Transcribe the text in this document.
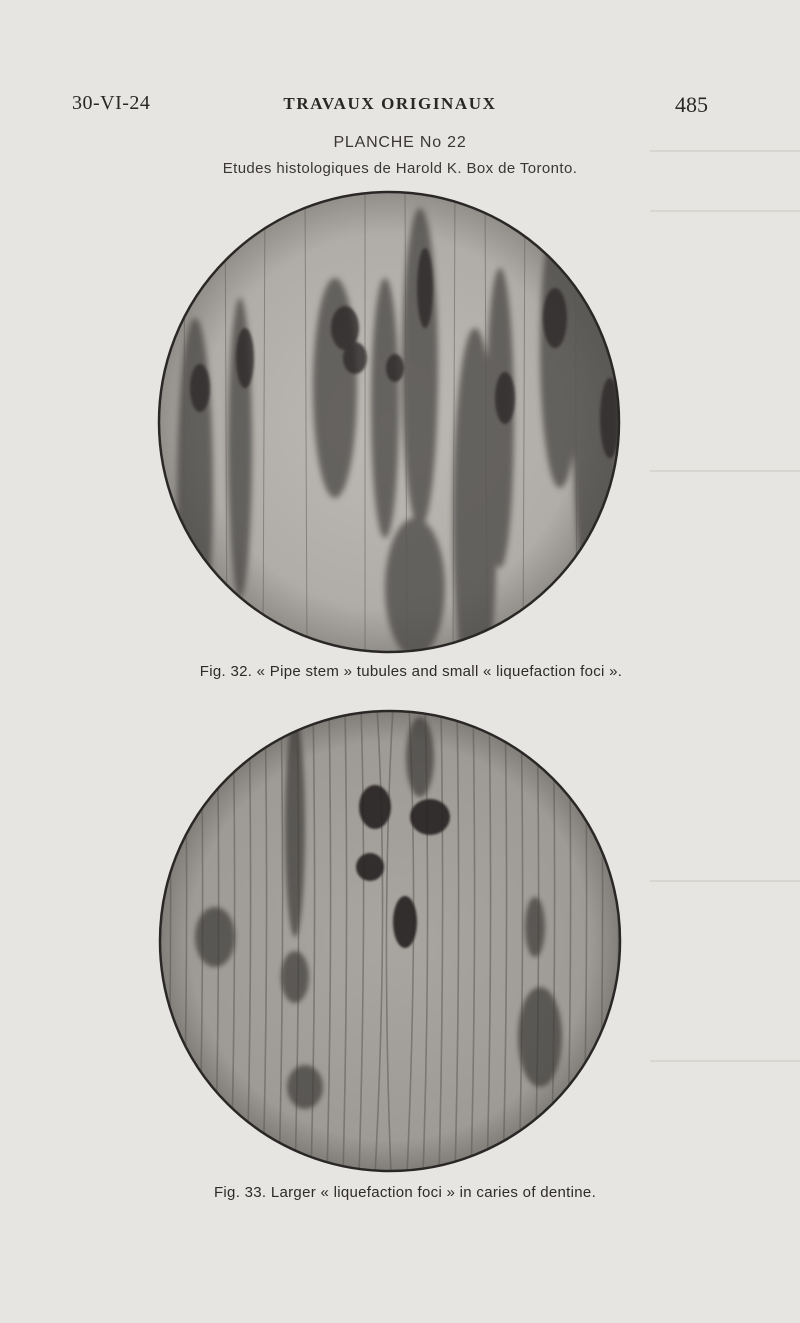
30-VI-24	TRAVAUX ORIGINAUX	485
PLANCHE No 22
Etudes histologiques de Harold K. Box de Toronto.
Fig. 32. « Pipe stem » tubules and small « liquefaction foci ».
Fig. 33. Larger « liquefaction foci » in caries of dentine.
